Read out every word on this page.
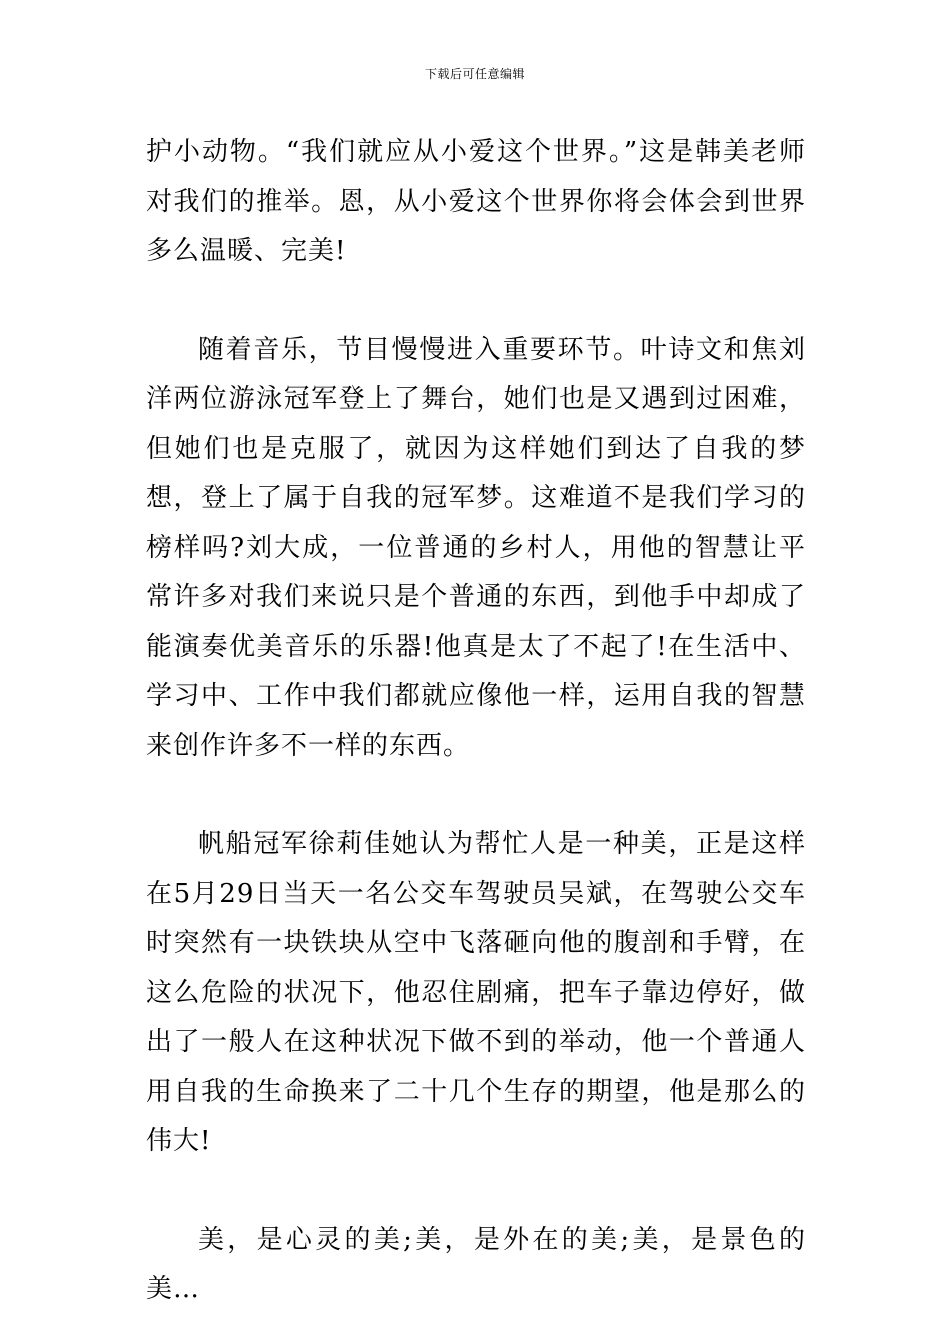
下载后可任意编辑

护小动物。“我们就应从小爱这个世界。”这是韩美老师对我们的推举。恩，从小爱这个世界你将会体会到世界多么温暖、完美!

随着音乐，节目慢慢进入重要环节。叶诗文和焦刘洋两位游泳冠军登上了舞台，她们也是又遇到过困难，但她们也是克服了，就因为这样她们到达了自我的梦想，登上了属于自我的冠军梦。这难道不是我们学习的榜样吗?刘大成，一位普通的乡村人，用他的智慧让平常许多对我们来说只是个普通的东西，到他手中却成了能演奏优美音乐的乐器!他真是太了不起了!在生活中、学习中、工作中我们都就应像他一样，运用自我的智慧来创作许多不一样的东西。

帆船冠军徐莉佳她认为帮忙人是一种美，正是这样在5月29日当天一名公交车驾驶员吴斌，在驾驶公交车时突然有一块铁块从空中飞落砸向他的腹剖和手臂，在这么危险的状况下，他忍住剧痛，把车子靠边停好，做出了一般人在这种状况下做不到的举动，他一个普通人用自我的生命换来了二十几个生存的期望，他是那么的伟大!

美，是心灵的美;美，是外在的美;美，是景色的美…
